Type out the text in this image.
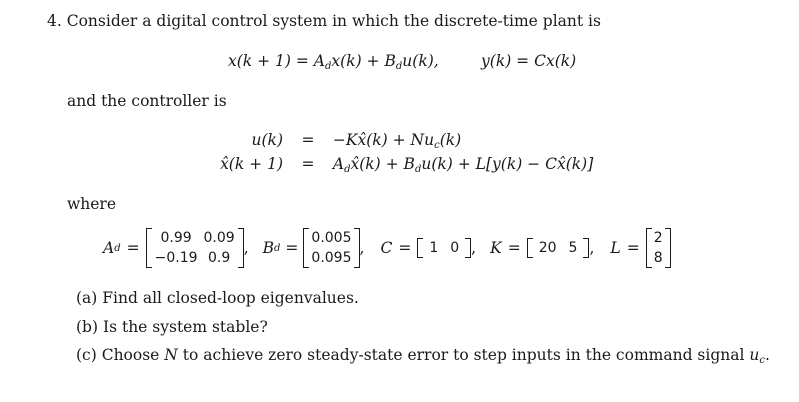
4. Consider a digital control system in which the discrete-time plant is
$x(k + 1) = A_dx(k) + B_du(k)$,	y(k) = Cx(k)
and the controller is
u(k) = −Kx̂(k) + $Nu_c(k)$
x̂(k + $1) = A_dx̂(k) + B_du(k) + L[y(k)$ − Cx̂(k)]
where
A d =
0.99	0.09
−0.19	0.9
, B d =
0.005
0.095
, C = 1	0 , K = 20	5 , L =
2
8
(a) Find all closed-loop eigenvalues.
(b) Is the system stable?
(c) Choose N to achieve zero steady-state error to step inputs in the command signal $u_c$.
